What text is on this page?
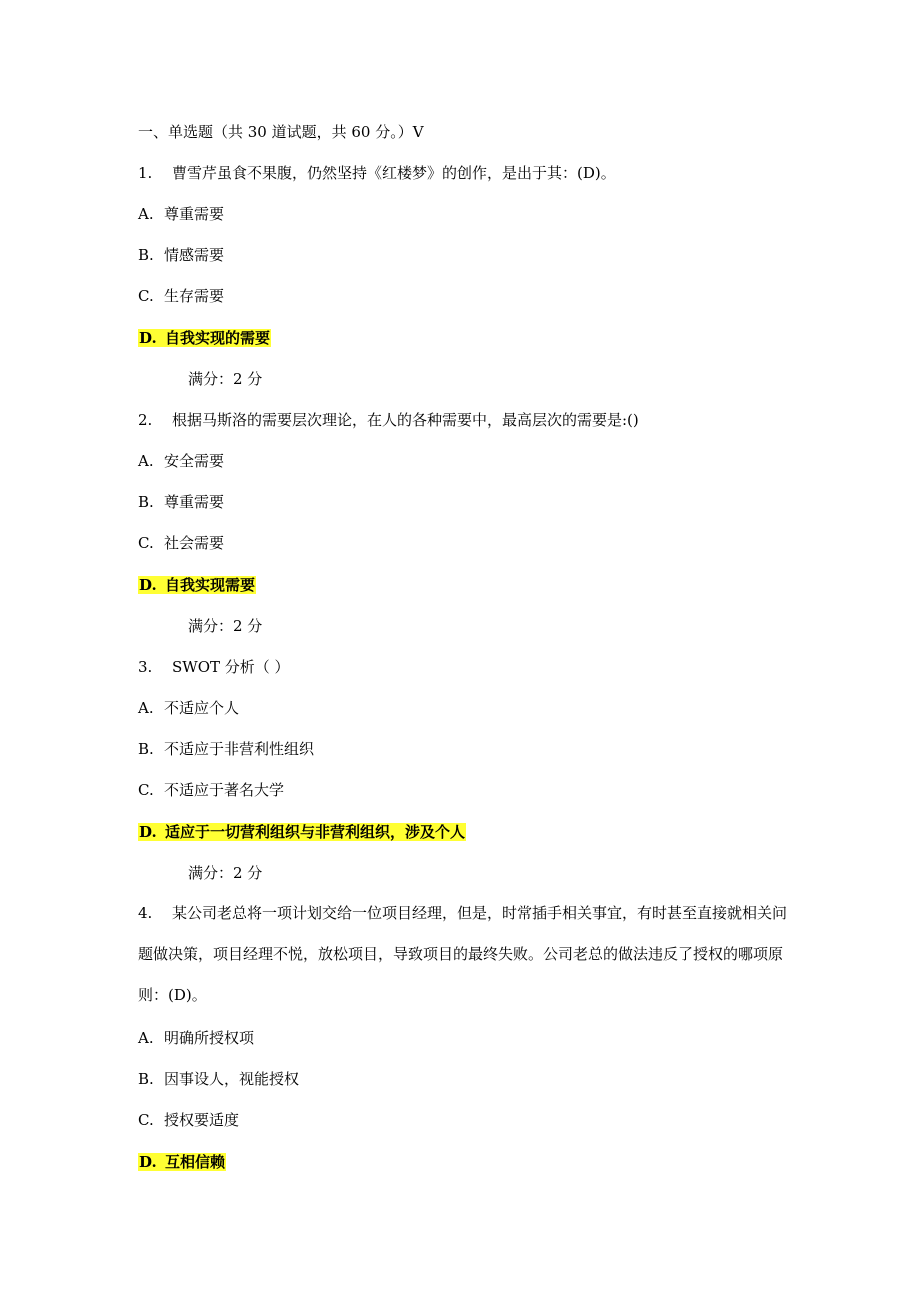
一、单选题（共 30 道试题，共 60 分。）V
1. 曹雪芹虽食不果腹，仍然坚持《红楼梦》的创作，是出于其：(D)。
A. 尊重需要
B. 情感需要
C. 生存需要
D. 自我实现的需要
满分：2 分
2. 根据马斯洛的需要层次理论，在人的各种需要中，最高层次的需要是:()
A. 安全需要
B. 尊重需要
C. 社会需要
D. 自我实现需要
满分：2 分
3. SWOT 分析（ ）
A. 不适应个人
B. 不适应于非营利性组织
C. 不适应于著名大学
D. 适应于一切营利组织与非营利组织，涉及个人
满分：2 分
4. 某公司老总将一项计划交给一位项目经理，但是，时常插手相关事宜，有时甚至直接就相关问题做决策，项目经理不悦，放松项目，导致项目的最终失败。公司老总的做法违反了授权的哪项原则：(D)。
A. 明确所授权项
B. 因事设人，视能授权
C. 授权要适度
D. 互相信赖
